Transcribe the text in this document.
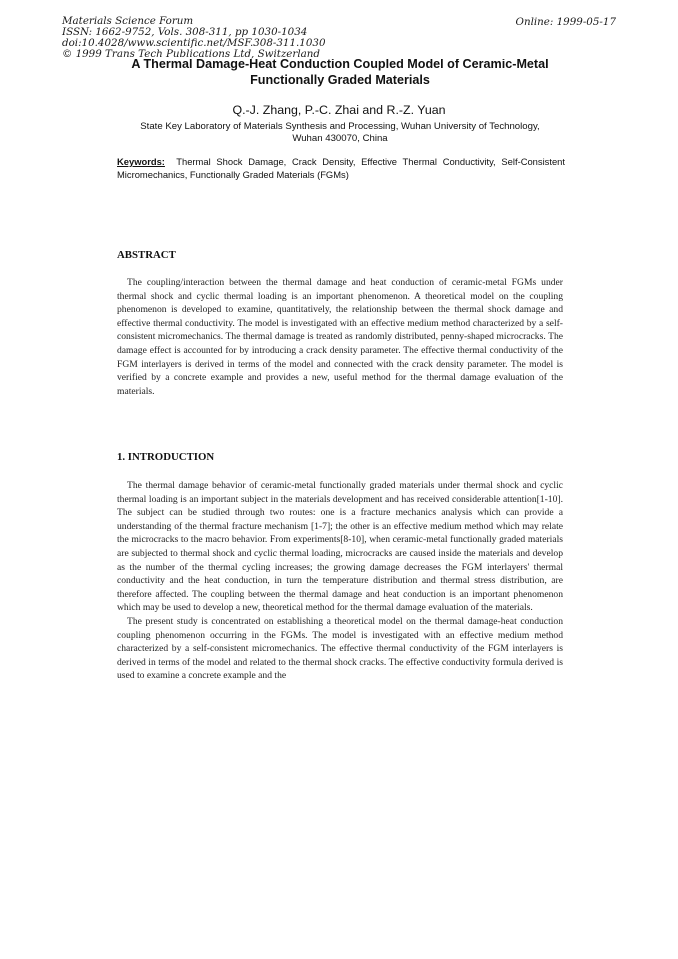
Materials Science Forum
ISSN: 1662-9752, Vols. 308-311, pp 1030-1034
doi:10.4028/www.scientific.net/MSF.308-311.1030
© 1999 Trans Tech Publications Ltd, Switzerland
Online: 1999-05-17
A Thermal Damage-Heat Conduction Coupled Model of Ceramic-Metal
Functionally Graded Materials
Q.-J. Zhang, P.-C. Zhai and R.-Z. Yuan
State Key Laboratory of Materials Synthesis and Processing, Wuhan University of Technology,
Wuhan 430070, China
Keywords: Thermal Shock Damage, Crack Density, Effective Thermal Conductivity, Self-Consistent Micromechanics, Functionally Graded Materials (FGMs)
ABSTRACT

The coupling/interaction between the thermal damage and heat conduction of ceramic-metal FGMs under thermal shock and cyclic thermal loading is an important phenomenon. A theoretical model on the coupling phenomenon is developed to examine, quantitatively, the relationship between the thermal shock damage and effective thermal conductivity. The model is investigated with an effective medium method characterized by a self-consistent micromechanics. The thermal damage is treated as randomly distributed, penny-shaped microcracks. The damage effect is accounted for by introducing a crack density parameter. The effective thermal conductivity of the FGM interlayers is derived in terms of the model and connected with the crack density parameter. The model is verified by a concrete example and provides a new, useful method for the thermal damage evaluation of the materials.

1. INTRODUCTION

The thermal damage behavior of ceramic-metal functionally graded materials under thermal shock and cyclic thermal loading is an important subject in the materials development and has received considerable attention[1-10]. The subject can be studied through two routes: one is a fracture mechanics analysis which can provide a understanding of the thermal fracture mechanism [1-7]; the other is an effective medium method which may relate the microcracks to the macro behavior. From experiments[8-10], when ceramic-metal functionally graded materials are subjected to thermal shock and cyclic thermal loading, microcracks are caused inside the materials and develop as the number of the thermal cycling increases; the growing damage decreases the FGM interlayers' thermal conductivity and the heat conduction, in turn the temperature distribution and thermal stress distribution, are therefore affected. The coupling between the thermal damage and heat conduction is an important phenomenon which may be used to develop a new, theoretical method for the thermal damage evaluation of the materials.

The present study is concentrated on establishing a theoretical model on the thermal damage-heat conduction coupling phenomenon occurring in the FGMs. The model is investigated with an effective medium method characterized by a self-consistent micromechanics. The effective thermal conductivity of the FGM interlayers is derived in terms of the model and related to the thermal shock cracks. The effective conductivity formula derived is used to examine a concrete example and the
